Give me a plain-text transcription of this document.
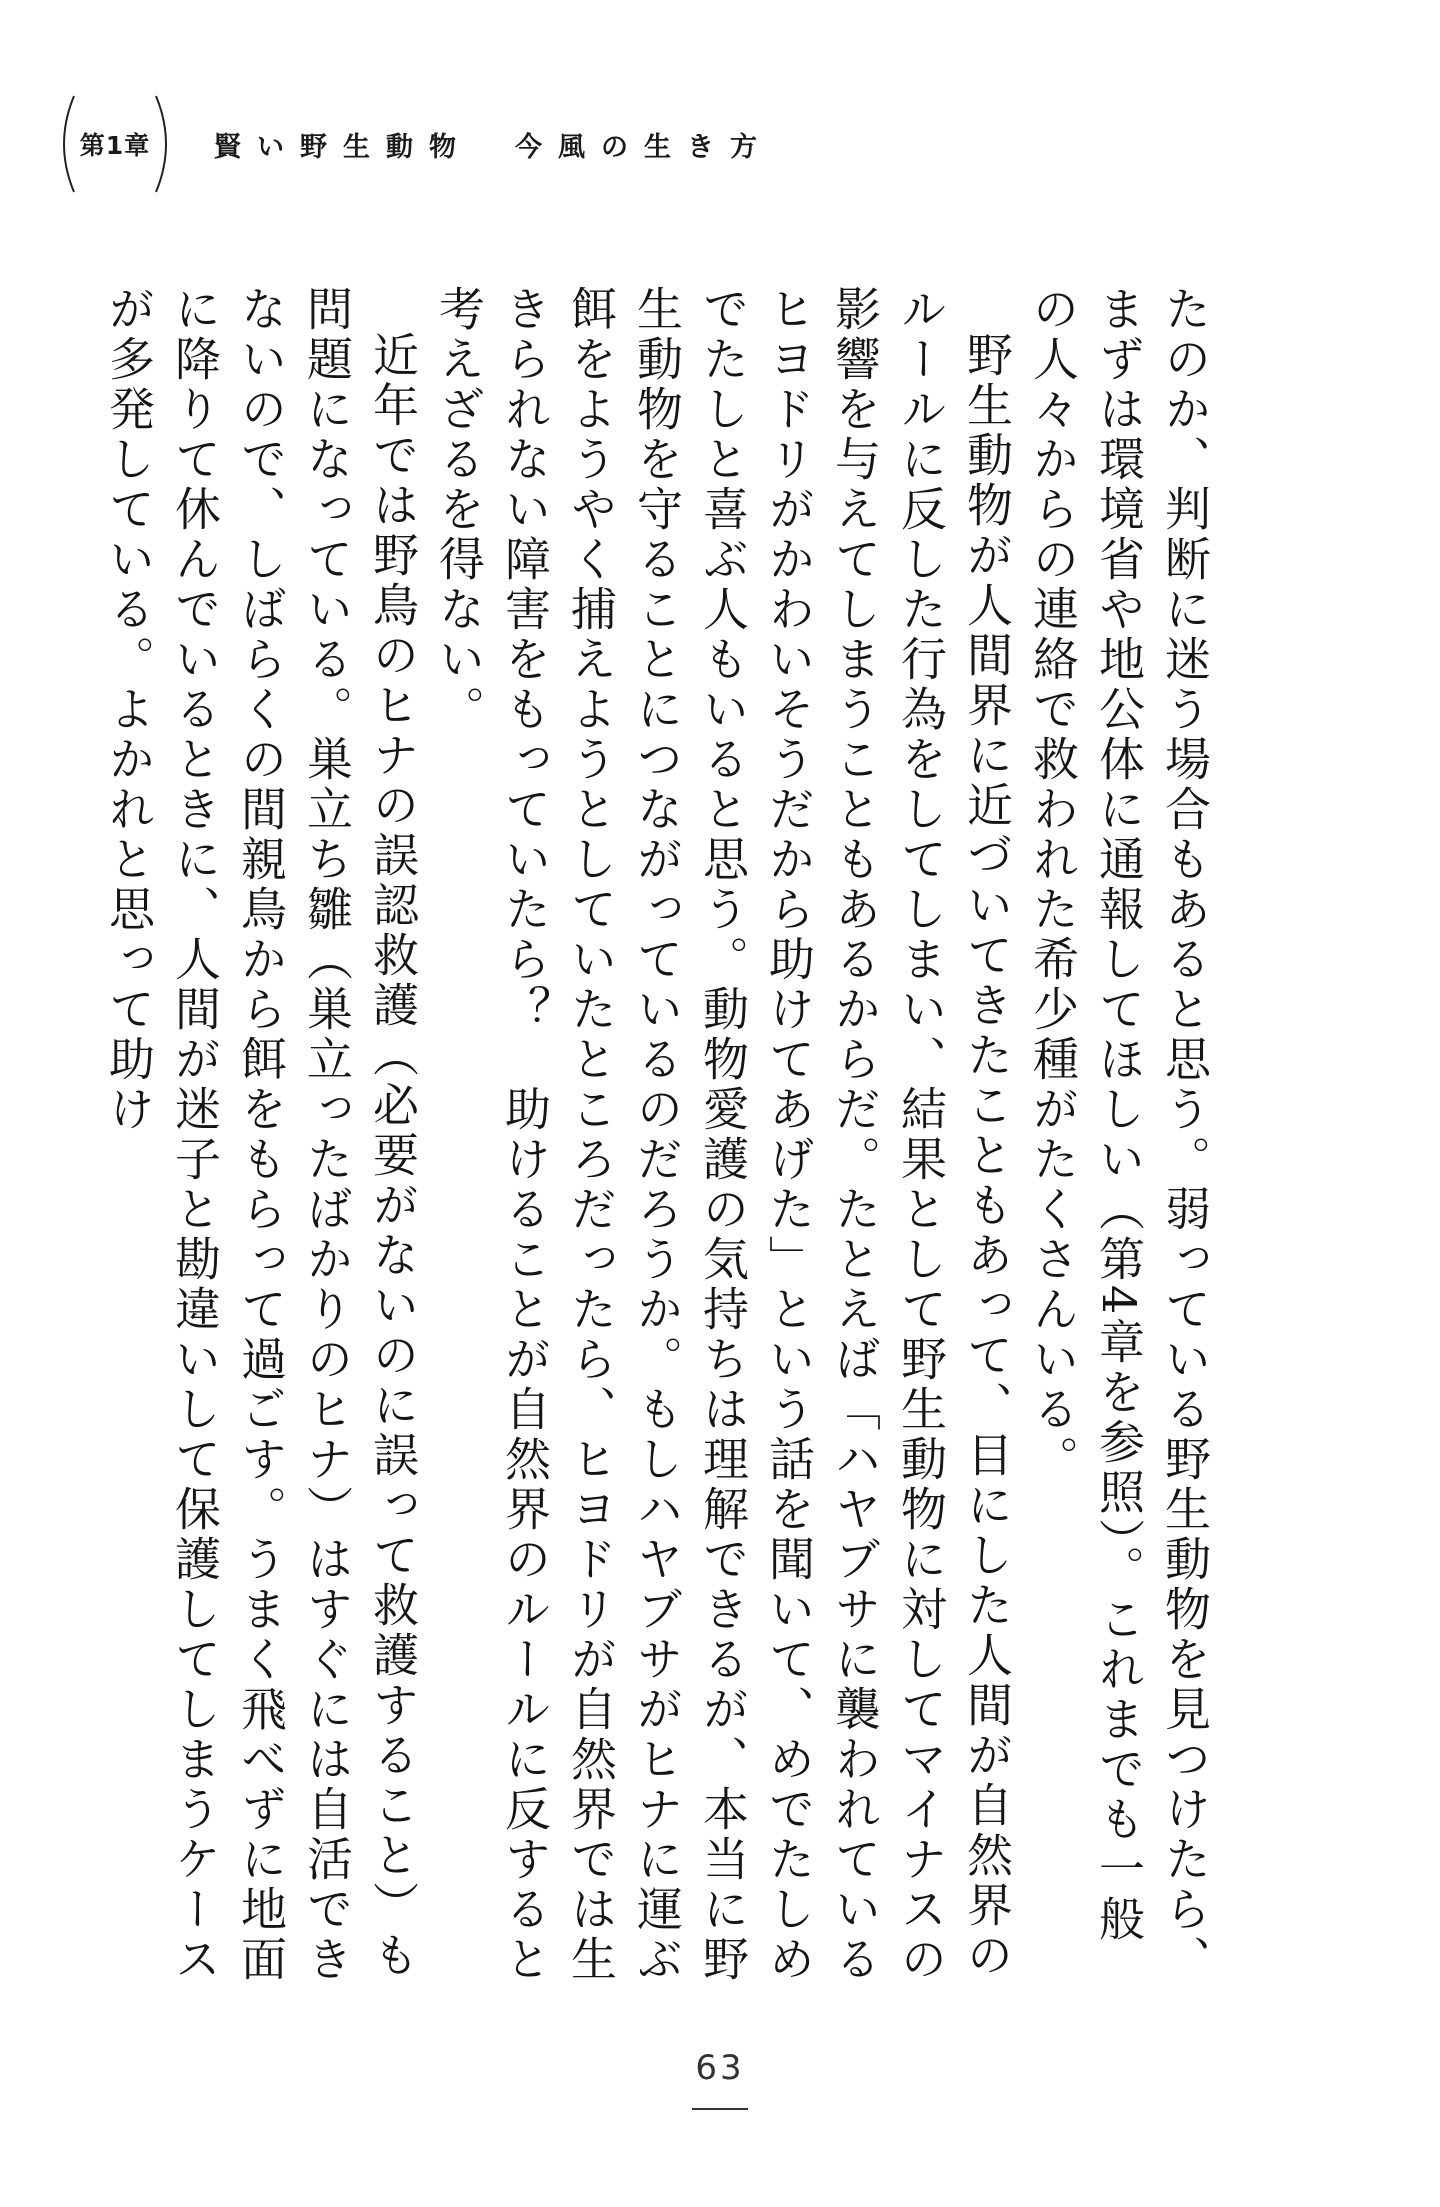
第1章 賢い野生動物　今風の生き方

たのか、判断に迷う場合もあると思う。弱っている野生動物を見つけたら、まずは環境省や地公体に通報してほしい（第4章を参照）。これまでも一般の人々からの連絡で救われた希少種がたくさんいる。

野生動物が人間界に近づいてきたこともあって、目にした人間が自然界のルールに反した行為をしてしまい、結果として野生動物に対してマイナスの影響を与えてしまうこともあるからだ。たとえば「ハヤブサに襲われているヒヨドリがかわいそうだから助けてあげた」という話を聞いて、めでたしめでたしと喜ぶ人もいると思う。動物愛護の気持ちは理解できるが、本当に野生動物を守ることにつながっているのだろうか。もしハヤブサがヒナに運ぶ餌をようやく捕えようとしていたところだったら、ヒヨドリが自然界では生きられない障害をもっていたら？　助けることが自然界のルールに反すると考えざるを得ない。

近年では野鳥のヒナの誤認救護（必要がないのに誤って救護すること）も問題になっている。巣立ち雛（巣立ったばかりのヒナ）はすぐには自活できないので、しばらくの間親鳥から餌をもらって過ごす。うまく飛べずに地面に降りて休んでいるときに、人間が迷子と勘違いして保護してしまうケースが多発している。よかれと思って助け

63
